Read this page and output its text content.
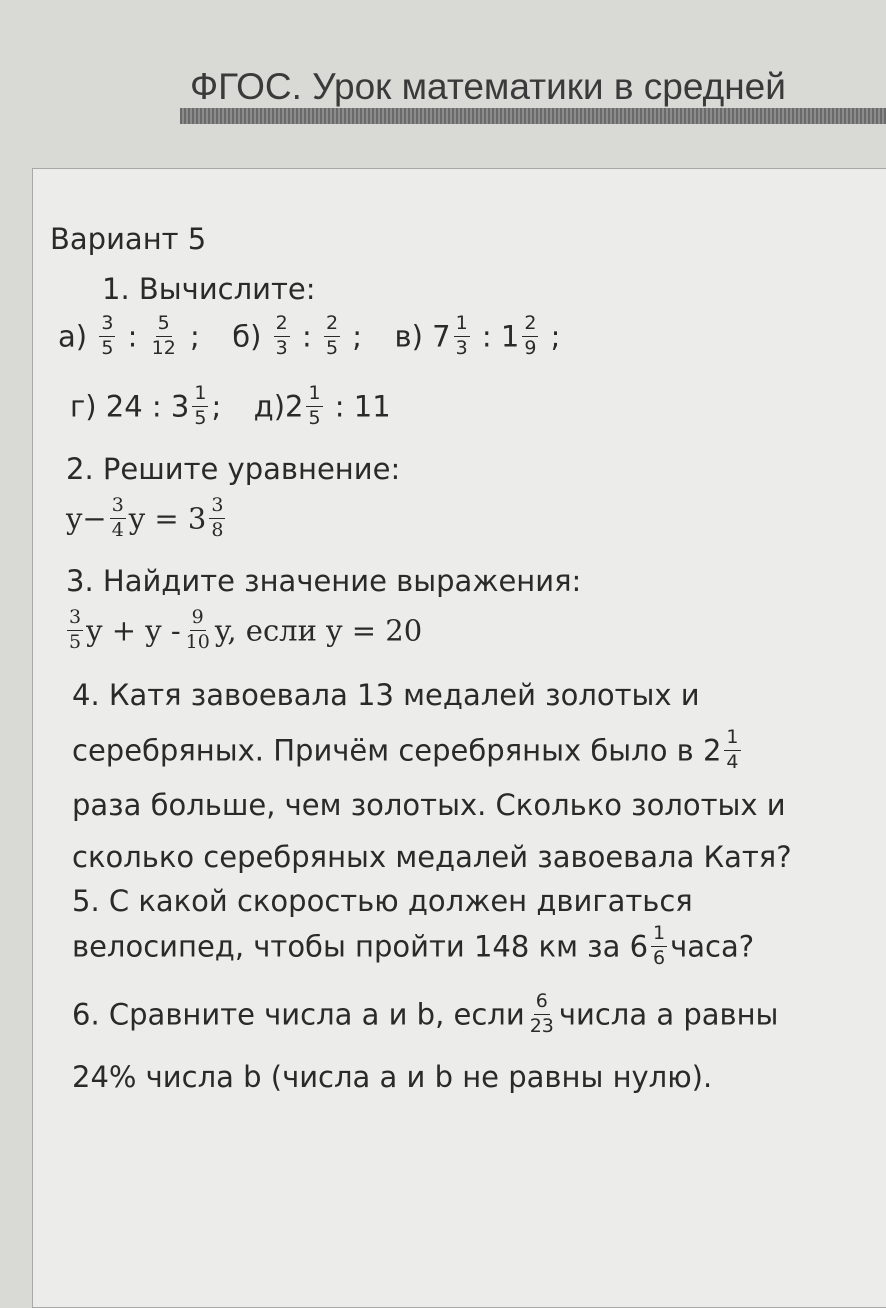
ФГОС. Урок математики в средней
Вариант 5
1. Вычислите:
$а) \frac{3}{5}$ : $\frac{5}{12}$ ; $б) \frac{2}{3}$ : $\frac{2}{5}$ ; в) $7 \frac{1}{3}$ : $1 \frac{2}{9}$ ;
г) 24 : $3 \frac{1}{5}$ ; $д)2 \frac{1}{5}$ : 11
2. Решите уравнение:
$y- \frac{3}{4}$ $y = 3 \frac{3}{8}$
3. Найдите значение выражения:
$\frac{3}{5}$ $y + y - \frac{9}{10} y$, если y = 20
4. Катя завоевала 13 медалей золотых и
серебряных. Причём серебряных было в $2 \frac{1}{4}$
раза больше, чем золотых. Сколько золотых и
сколько серебряных медалей завоевала Катя?
5. С какой скоростью должен двигаться
велосипед, чтобы пройти 148 км за $6 \frac{1}{6}$ часа?
6. Сравните числа a и b, если $\frac{6}{23}$ числа a равны
24% числа b (числа a и b не равны нулю).
